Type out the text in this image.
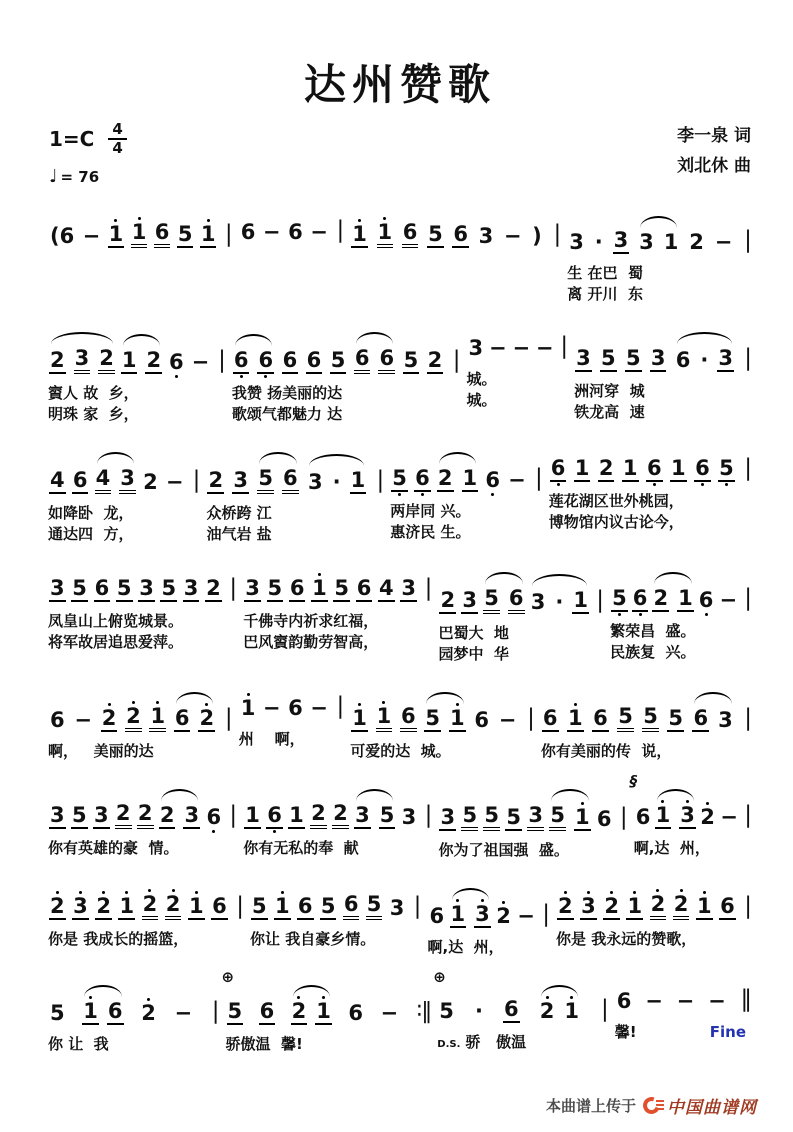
达州赞歌
$1=C \frac{4}{4}$
♩ = 76
李一泉 词
刘北休 曲
(6 − 1 1 6 5 1 | 6 − 6 − | 1 1 6 5 6 3 − ) | 3 · 3 3 1 2 − |
生 在巴  蜀
离 开川  东
2 3 2 1 2 6 − |
賨人 故  乡，
明珠 家  乡，
6 6 6 6 5 6 6 5 2 |
我赞 扬美丽的达
歌颂气都魅力 达
3 − − − |
城。
城。
3 5 5 3 6 · 3 |
洲河穿  城
铁龙高  速
4 6 4 3 2 − |
如降卧  龙，
通达四  方，
2 3 5 6 3 · 1 |
众桥跨 江
油气岩 盐
5 6 2 1 6 − |
两岸同 兴。
惠济民 生。
6 1 2 1 6 1 6 5 |
莲花湖区世外桃园，
博物馆内议古论今，
3 5 6 5 3 5 3 2 |
凤皇山上俯览城景。
将军故居追思爱萍。
3 5 6 1 5 6 4 3 |
千佛寺内祈求红福，
巴风賨韵勤劳智高，
2 3 5 6 3 · 1 |
巴蜀大  地
园梦中  华
5 6 2 1 6 − |
繁荣昌  盛。
民族复  兴。
6 − 2 2 1 6 2 |
啊，   美丽的达
1 − 6 − |
州    啊，
1 1 6 5 1 6 − |
可爱的达  城。
6 1 6 5 5 5 6 3 |
你有美丽的传  说，
3 5 3 2 2 2 3 6 |
你有英雄的豪  情。
1 6 1 2 2 3 5 3 |
你有无私的奉  献
3 5 5 5 3 5 1 6 |
你为了祖国强  盛。
§
6 1 3 2 − |
啊,达  州，
2 3 2 1 2 2 1 6 |
你是 我成长的摇篮，
5 1 6 5 6 5 3 |
你让 我自豪乡情。
6 1 3 2 − |
啊,达  州，
2 3 2 1 2 2 1 6 |
你是 我永远的赞歌，
5 1 6 2 − |
你 让  我
⊕
5 6 2 1 6 − ∶‖
骄傲温  馨!
⊕
5 · 6 2 1 |
D.S. 骄   傲温
6 − − − ‖
馨!	Fine
本曲谱上传于 中国曲谱网
